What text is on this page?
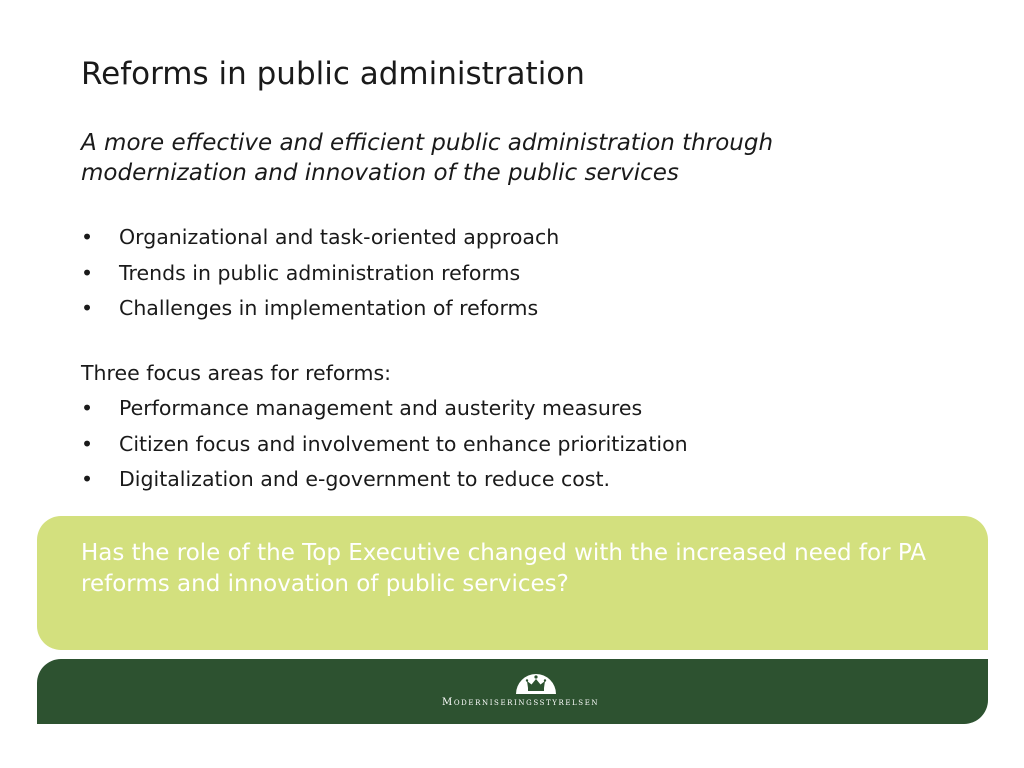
Reforms in public administration

A more effective and efficient public administration through modernization and innovation of the public services

• Organizational and task-oriented approach
• Trends in public administration reforms
• Challenges in implementation of reforms

Three focus areas for reforms:

• Performance management and austerity measures
• Citizen focus and involvement to enhance prioritization
• Digitalization and e-government to reduce cost.

Has the role of the Top Executive changed with the increased need for PA reforms and innovation of public services?

Moderniseringsstyrelsen
